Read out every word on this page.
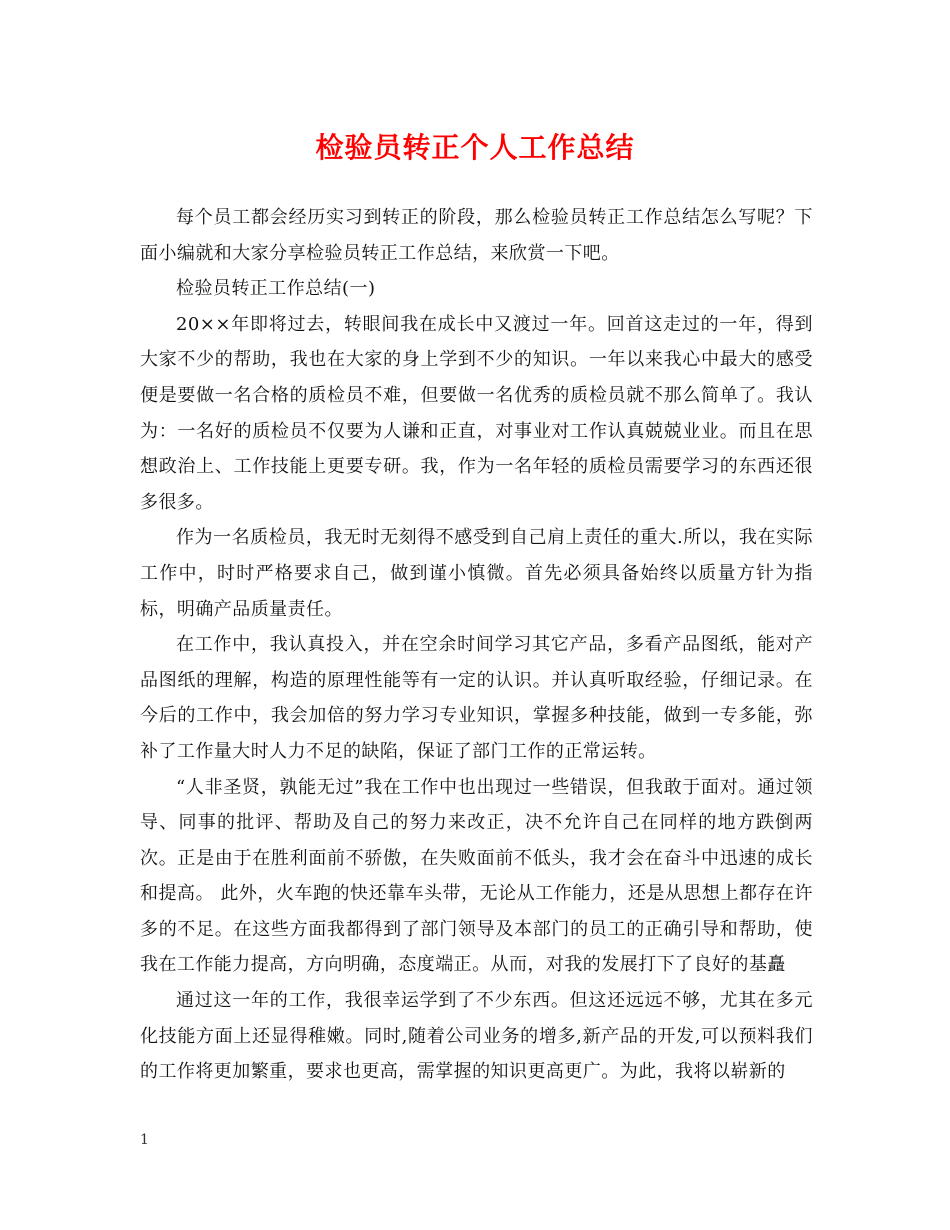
检验员转正个人工作总结

每个员工都会经历实习到转正的阶段，那么检验员转正工作总结怎么写呢？下面小编就和大家分享检验员转正工作总结，来欣赏一下吧。

检验员转正工作总结(一)

20××年即将过去，转眼间我在成长中又渡过一年。回首这走过的一年，得到大家不少的帮助，我也在大家的身上学到不少的知识。一年以来我心中最大的感受便是要做一名合格的质检员不难，但要做一名优秀的质检员就不那么简单了。我认为：一名好的质检员不仅要为人谦和正直，对事业对工作认真兢兢业业。而且在思想政治上、工作技能上更要专研。我，作为一名年轻的质检员需要学习的东西还很多很多。

作为一名质检员，我无时无刻得不感受到自己肩上责任的重大.所以，我在实际工作中，时时严格要求自己，做到谨小慎微。首先必须具备始终以质量方针为指标，明确产品质量责任。

在工作中，我认真投入，并在空余时间学习其它产品，多看产品图纸，能对产品图纸的理解，构造的原理性能等有一定的认识。并认真听取经验，仔细记录。在今后的工作中，我会加倍的努力学习专业知识，掌握多种技能，做到一专多能，弥补了工作量大时人力不足的缺陷，保证了部门工作的正常运转。

“人非圣贤，孰能无过”我在工作中也出现过一些错误，但我敢于面对。通过领导、同事的批评、帮助及自己的努力来改正，决不允许自己在同样的地方跌倒两次。正是由于在胜利面前不骄傲，在失败面前不低头，我才会在奋斗中迅速的成长和提高。 此外，火车跑的快还靠车头带，无论从工作能力，还是从思想上都存在许多的不足。在这些方面我都得到了部门领导及本部门的员工的正确引导和帮助，使我在工作能力提高，方向明确，态度端正。从而，对我的发展打下了良好的基矗

通过这一年的工作，我很幸运学到了不少东西。但这还远远不够，尤其在多元化技能方面上还显得稚嫩。同时,随着公司业务的增多,新产品的开发,可以预料我们的工作将更加繁重，要求也更高，需掌握的知识更高更广。为此，我将以崭新的

1
